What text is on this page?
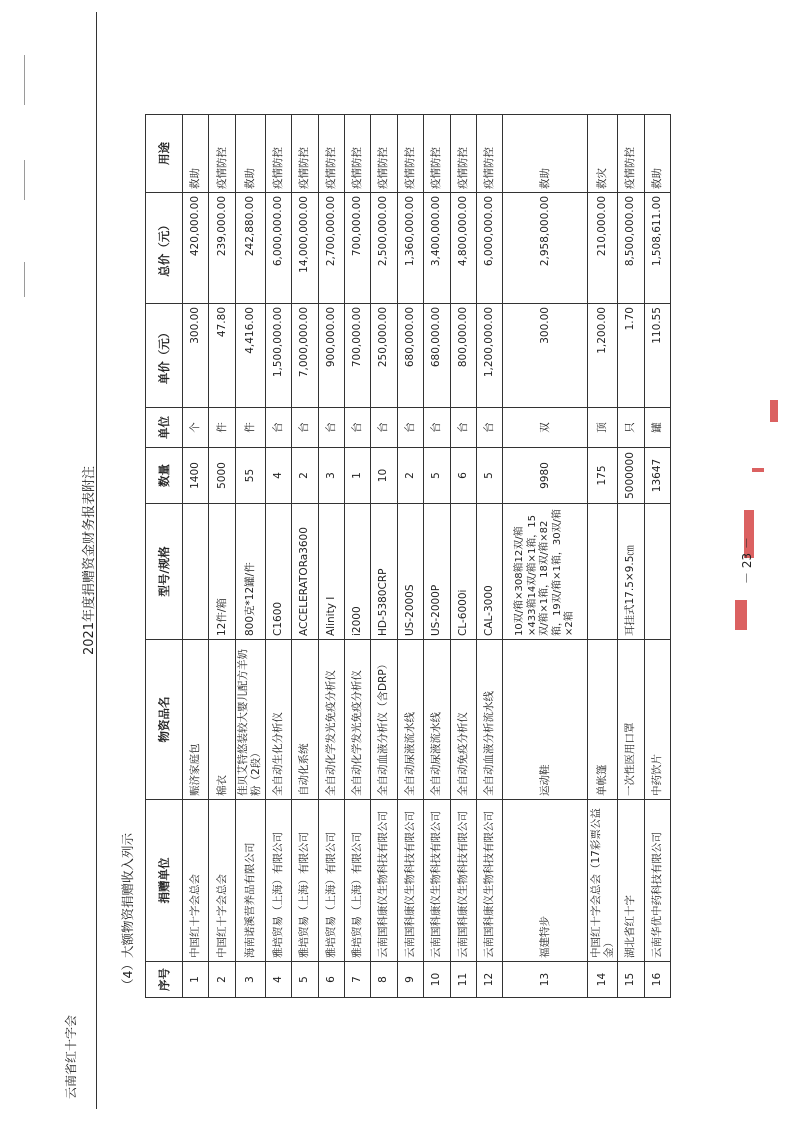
云南省红十字会
2021年度捐赠资金财务报表附注
（4）大额物资捐赠收入列示 序号	捐赠单位	物资品名	型号/规格	数量	单位	单价（元）	总价（元）	用途
1	中国红十字会总会	赈济家庭包		1400	个	300.00	420,000.00	救助
2	中国红十字会总会	棉衣	12件/箱	5000	件	47.80	239,000.00	疫情防控
3	海南诺溪营养品有限公司	佳贝艾特悠装较大婴儿配方羊奶粉（2段）	800克*12罐/件	55	件	4,416.00	242,880.00	救助
4	雅培贸易（上海）有限公司	全自动生化分析仪	C1600	4	台	1,500,000.00	6,000,000.00	疫情防控
5	雅培贸易（上海）有限公司	自动化系统	ACCELERATORa3600	2	台	7,000,000.00	14,000,000.00	疫情防控
6	雅培贸易（上海）有限公司	全自动化学发光免疫分析仪	Alinity I	3	台	900,000.00	2,700,000.00	疫情防控
7	雅培贸易（上海）有限公司	全自动化学发光免疫分析仪	i2000	1	台	700,000.00	700,000.00	疫情防控
8	云南国科康仪生物科技有限公司	全自动血液分析仪（含DRP）	HD-5380CRP	10	台	250,000.00	2,500,000.00	疫情防控
9	云南国科康仪生物科技有限公司	全自动尿液流水线	US-2000S	2	台	680,000.00	1,360,000.00	疫情防控
10	云南国科康仪生物科技有限公司	全自动尿液流水线	US-2000P	5	台	680,000.00	3,400,000.00	疫情防控
11	云南国科康仪生物科技有限公司	全自动免疫分析仪	CL-6000i	6	台	800,000.00	4,800,000.00	疫情防控
12	云南国科康仪生物科技有限公司	全自动血液分析流水线	CAL-3000	5	台	1,200,000.00	6,000,000.00	疫情防控
13	福建特步	运动鞋	10双/箱×308箱12双/箱×433箱14双/箱×1箱，15双/箱×1箱，18双/箱×82箱，19双/箱×1箱，30双/箱×2箱	9980	双	300.00	2,958,000.00	救助
14	中国红十字会总会（17彩票公益金）	单帐篷		175	顶	1,200.00	210,000.00	救灾
15	湖北省红十字	一次性医用口罩	耳挂式17.5×9.5㎝	5000000	只	1.70	8,500,000.00	疫情防控
16	云南华优中药科技有限公司	中药饮片		13647	罐	110.55	1,508,611.00	救助
－ 23 －
